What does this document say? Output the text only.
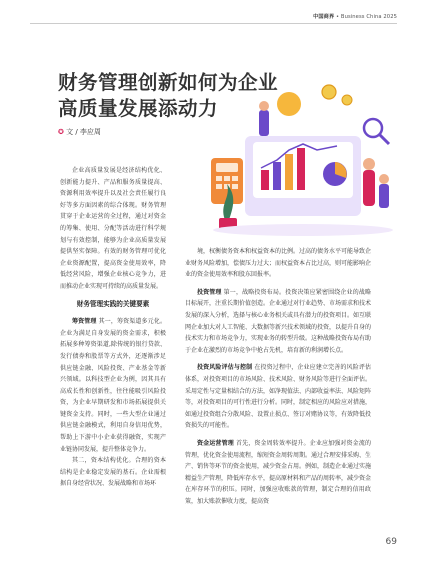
中国商界 • Business China 2025
财务管理创新如何为企业
高质量发展添动力
✪ 文 / 李应周

企业高质量发展是经济结构优化、创新能力提升、产品和服务质量提高、资源利用效率提升以及社会责任履行良好等多方面因素的综合体现。财务管理贯穿于企业运营的全过程，通过对资金的筹集、使用、分配等活动进行科学规划与有效控制，能够为企业高质量发展提供坚实保障。有效的财务管理可优化企业资源配置，提高资金使用效率，降低经营风险，增强企业核心竞争力，进而推动企业实现可持续的高质量发展。

财务管理实践的关键要素

筹资管理 其一，筹资渠道多元化。企业为满足自身发展的资金需求，积极拓展多种筹资渠道,除传统的银行贷款、发行债券和股票等方式外，还逐渐涉足供应链金融、风险投资、产业基金等新兴领域。以科技型企业为例，因其具有高成长性和创新性，往往能吸引风险投资，为企业早期研发和市场拓展提供关键资金支持。同时，一些大型企业通过供应链金融模式，利用自身信用优势，帮助上下游中小企业获得融资，实现产业链协同发展，提升整体竞争力。

其二，资本结构优化。合理的资本结构是企业稳定发展的基石。企业需根据自身经营状况、发展战略和市场环

境，权衡债务资本和权益资本的比例。过高的债务水平可能导致企业财务风险增加，偿债压力过大；而权益资本占比过高，则可能影响企业的资金使用效率和股东回报率。

投资管理 第一，战略投资布局。投资决策应紧密围绕企业的战略目标展开，注重长期价值创造。企业通过对行业趋势、市场需求和技术发展的深入分析，选择与核心业务相关或具有潜力的投资项目。如互联网企业加大对人工智能、大数据等新兴技术领域的投资，以提升自身的技术实力和市场竞争力，实现业务的转型升级。这种战略投资布局有助于企业在激烈的市场竞争中抢占先机，培育新的利润增长点。

投资风险评估与控制 在投资过程中，企业应建立完善的风险评估体系，对投资项目的市场风险、技术风险、财务风险等进行全面评估。采用定性与定量相结合的方法，如净现值法、内部收益率法、风险矩阵等，对投资项目的可行性进行分析。同时，制定相应的风险应对措施，如通过投资组合分散风险、设置止损点、签订对赌协议等，有效降低投资损失的可能性。

资金运营管理 首先，资金周转效率提升。企业应加强对资金流的管理，优化资金使用流程，缩短资金周转周期。通过合理安排采购、生产、销售等环节的资金使用，减少资金占用。例如，制造企业通过实施精益生产管理，降低库存水平，提高原材料和产品的周转率，减少资金在库存环节的积压。同时，加强应收账款的管理，制定合理的信用政策，加大账款催收力度，提高资

69
